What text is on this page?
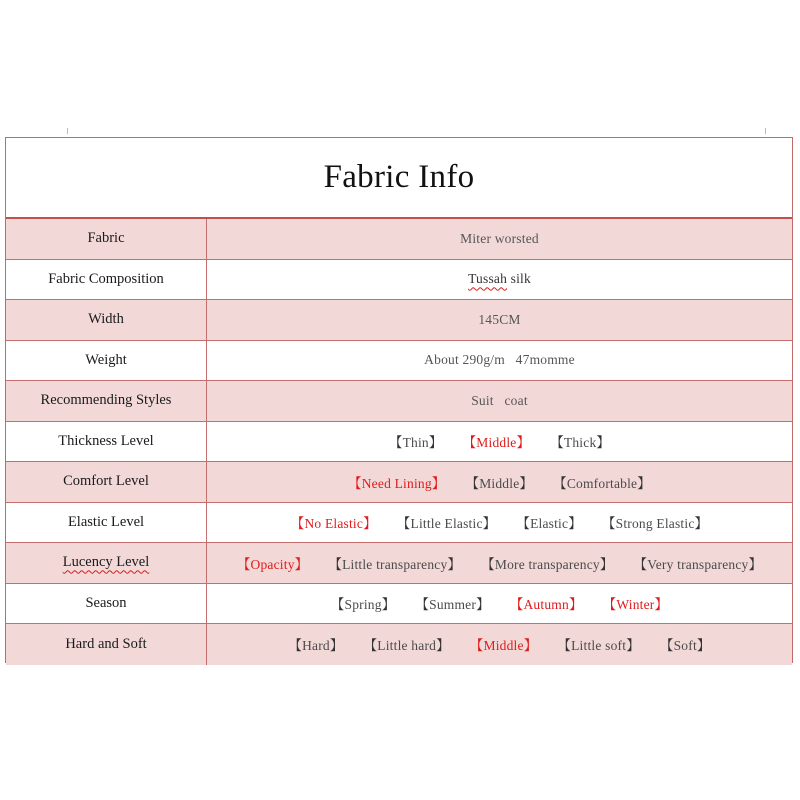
Fabric Info
Fabric	Miter worsted
Fabric Composition	Tussah silk
Width	145CM
Weight	About 290g/m   47momme
Recommending Styles	Suit   coat
Thickness Level	【Thin】 【Middle】 【Thick】
Comfort Level	【Need Lining】 【Middle】 【Comfortable】
Elastic Level	【No Elastic】 【Little Elastic】 【Elastic】 【Strong Elastic】
Lucency Level	【Opacity】 【Little transparency】 【More transparency】 【Very transparency】
Season	【Spring】 【Summer】 【Autumn】 【Winter】
Hard and Soft	【Hard】 【Little hard】 【Middle】 【Little soft】 【Soft】
